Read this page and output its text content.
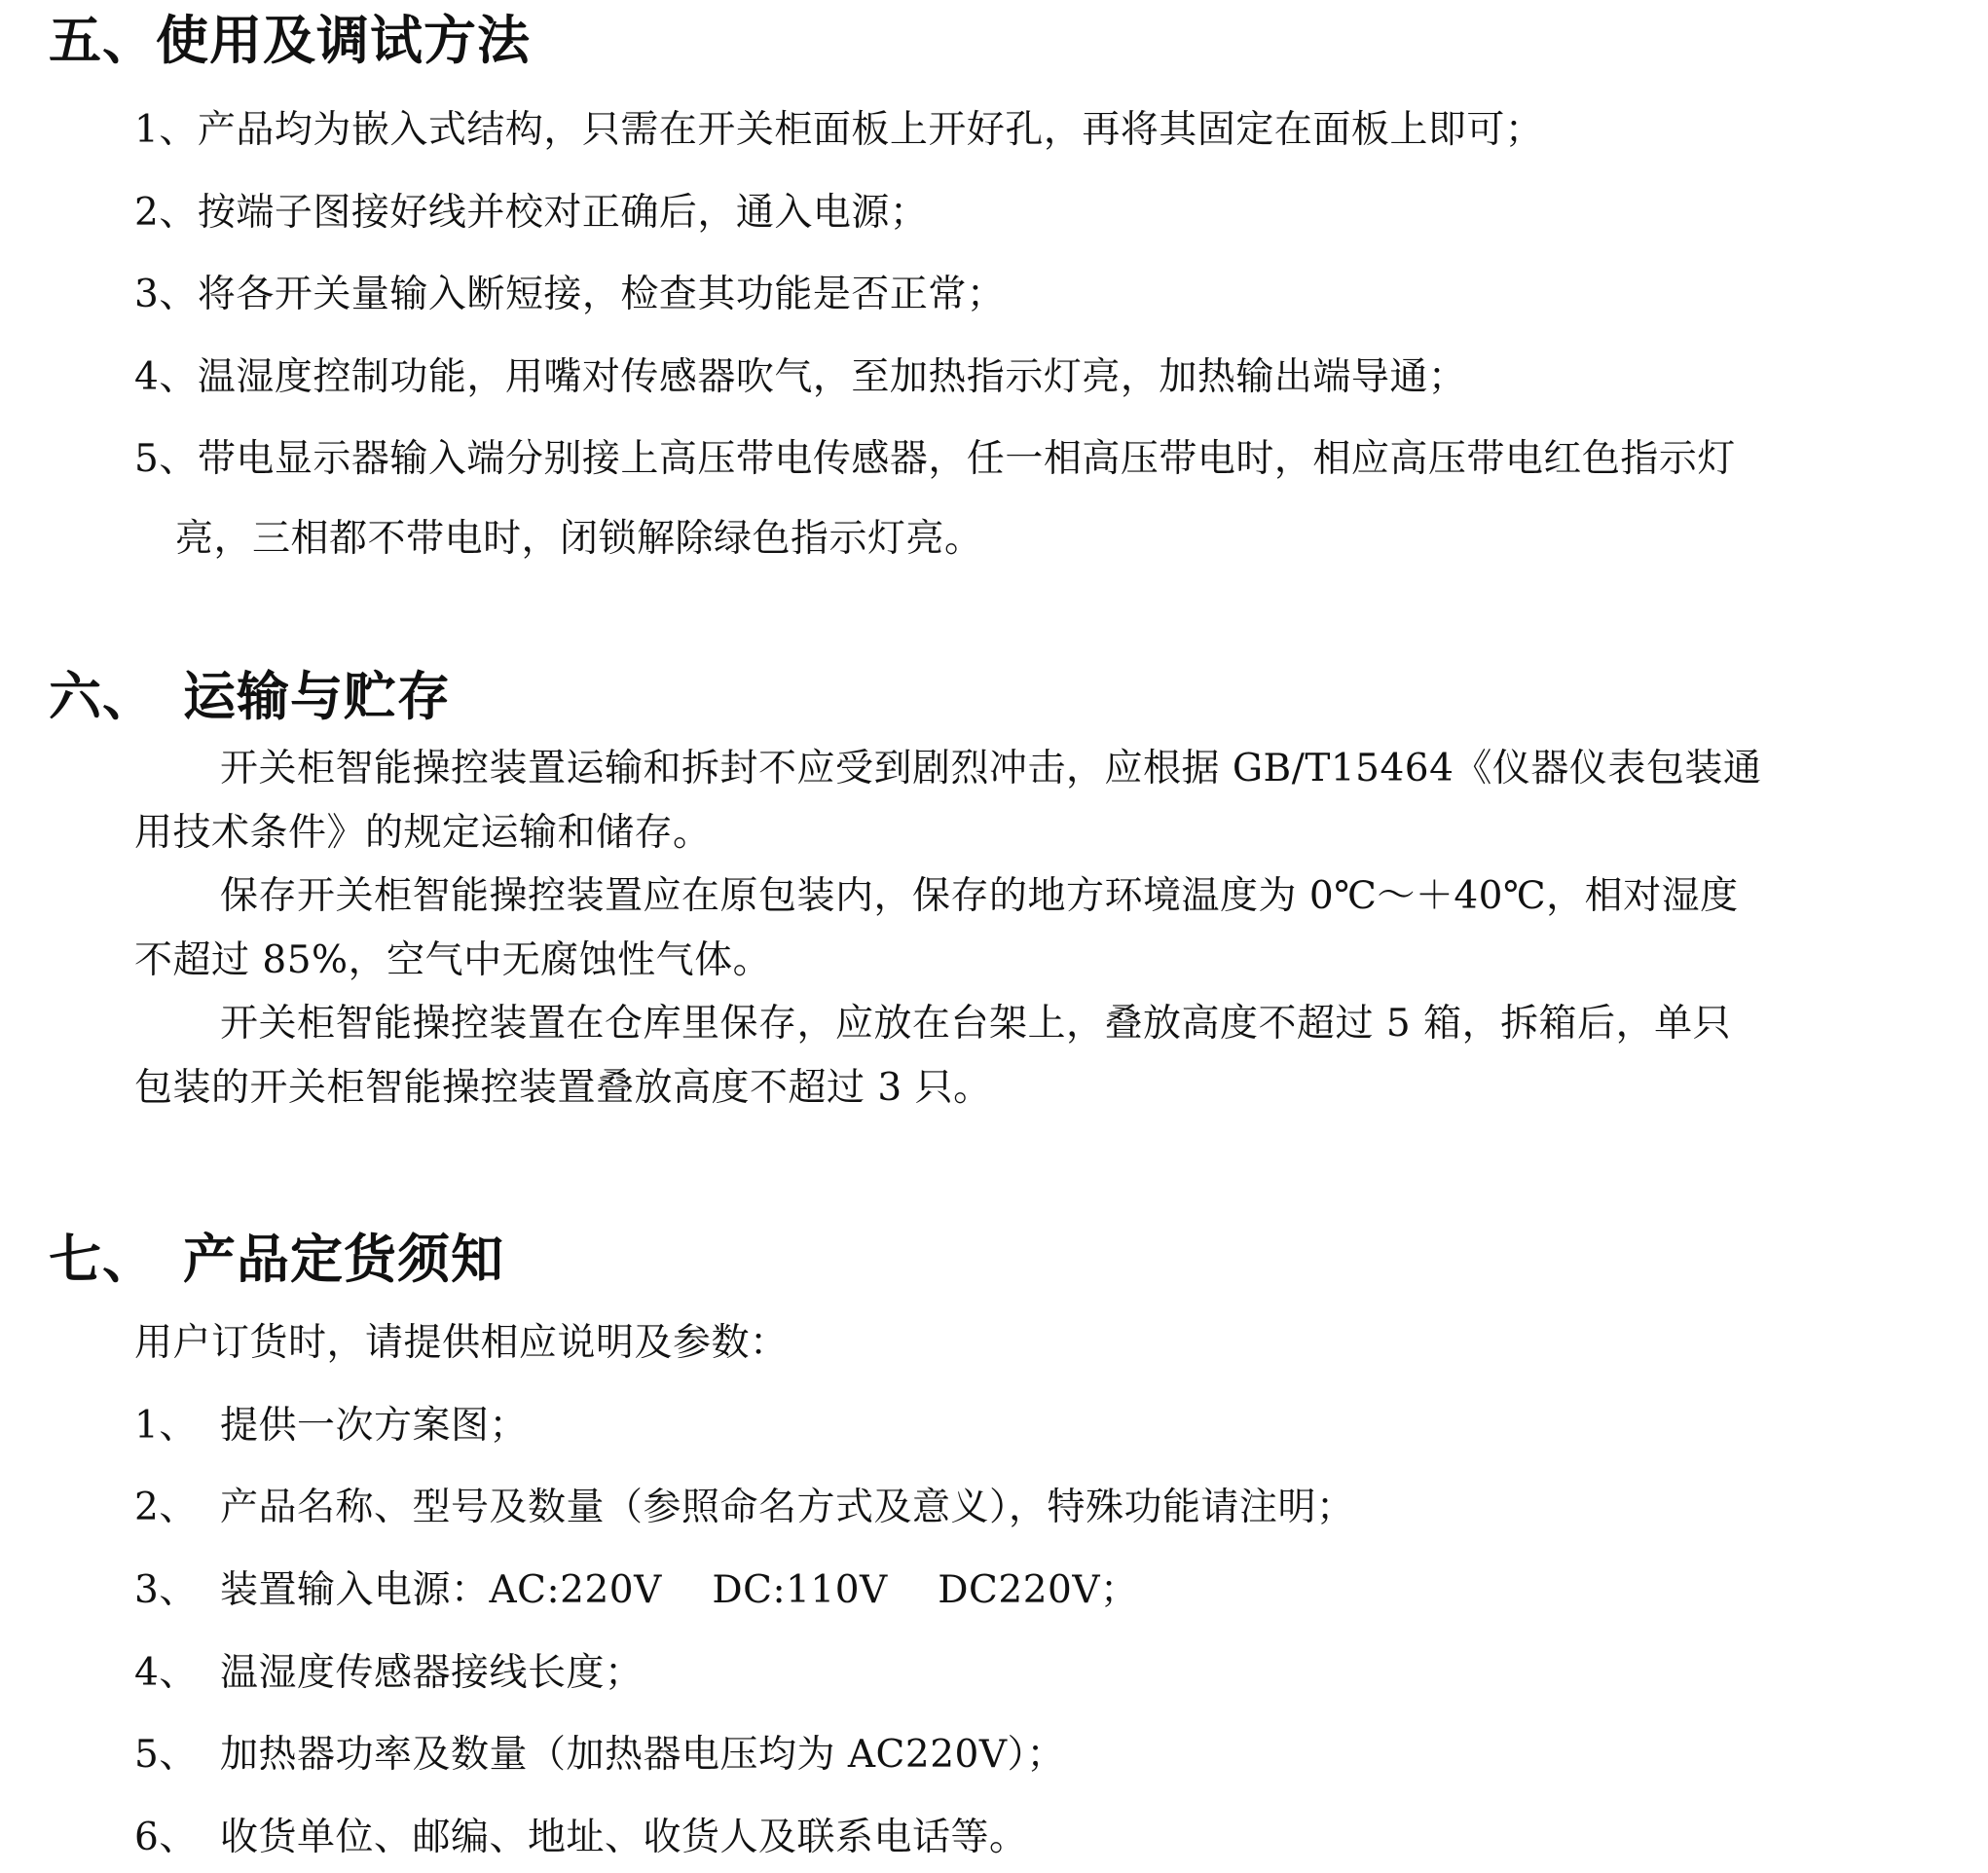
五、使用及调试方法
1、产品均为嵌入式结构，只需在开关柜面板上开好孔，再将其固定在面板上即可；
2、按端子图接好线并校对正确后，通入电源；
3、将各开关量输入断短接，检查其功能是否正常；
4、温湿度控制功能，用嘴对传感器吹气，至加热指示灯亮，加热输出端导通；
5、带电显示器输入端分别接上高压带电传感器，任一相高压带电时，相应高压带电红色指示灯
亮，三相都不带电时，闭锁解除绿色指示灯亮。
六、 运输与贮存
开关柜智能操控装置运输和拆封不应受到剧烈冲击，应根据 GB/T15464《仪器仪表包装通
用技术条件》的规定运输和储存。
保存开关柜智能操控装置应在原包装内，保存的地方环境温度为 0℃～＋40℃，相对湿度
不超过 85%，空气中无腐蚀性气体。
开关柜智能操控装置在仓库里保存，应放在台架上，叠放高度不超过 5 箱，拆箱后，单只
包装的开关柜智能操控装置叠放高度不超过 3 只。
七、 产品定货须知
用户订货时，请提供相应说明及参数：
1、 提供一次方案图；
2、 产品名称、型号及数量（参照命名方式及意义），特殊功能请注明；
3、 装置输入电源：AC:220V    DC:110V    DC220V；
4、 温湿度传感器接线长度；
5、 加热器功率及数量（加热器电压均为 AC220V）；
6、 收货单位、邮编、地址、收货人及联系电话等。
